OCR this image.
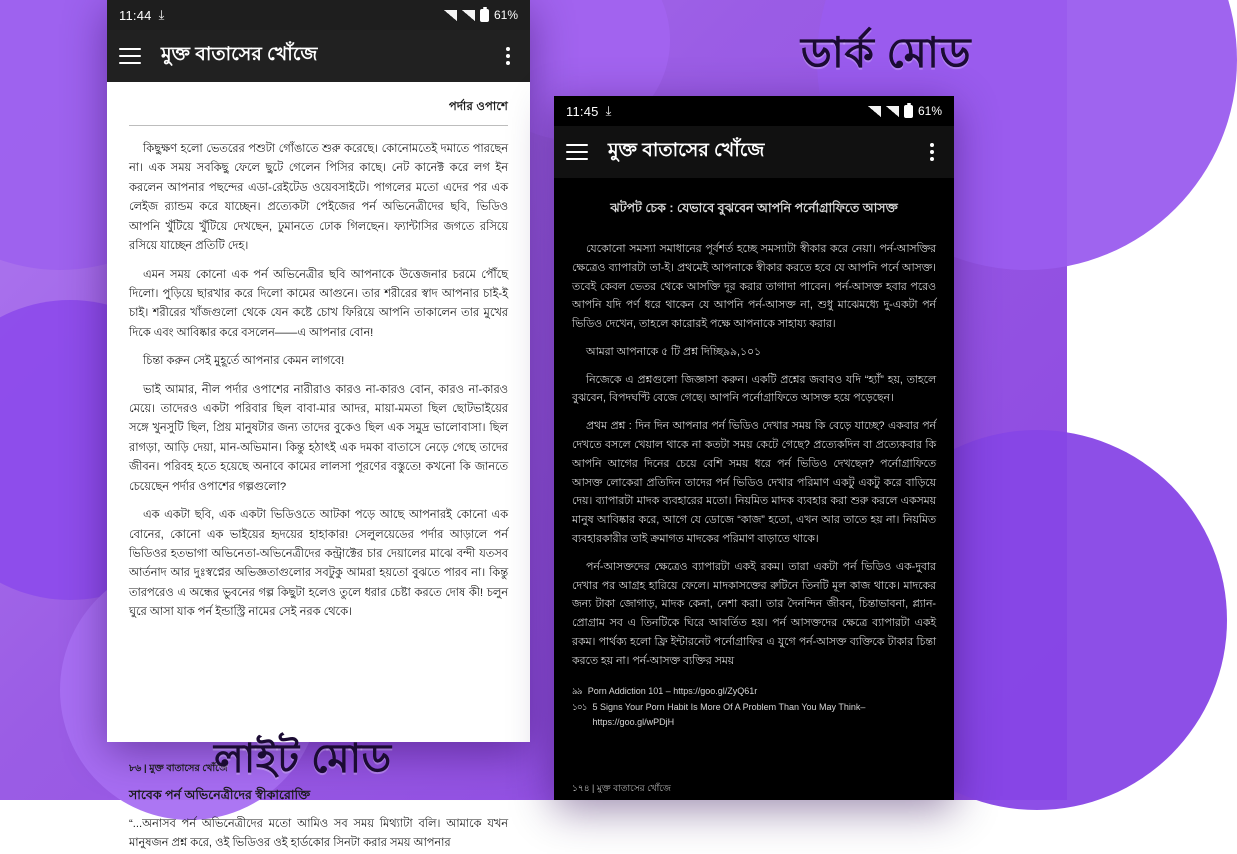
11:44 ⤓	61%
মুক্ত বাতাসের খোঁজে
পর্দার ওপাশে

কিছুক্ষণ হলো ভেতরের পশুটা গোঁঙাতে শুরু করেছে। কোনোমতেই দমাতে পারছেন না। এক সময় সবকিছু ফেলে ছুটে গেলেন পিসির কাছে। নেট কানেক্ট করে লগ ইন করলেন আপনার পছন্দের এডা-রেইটেড ওয়েবসাইটে। পাগলের মতো এদের পর এক লেইজ র‍্যান্ডম করে যাচ্ছেন। প্রত্যেকটা পেইজের পর্ন অভিনেত্রীদের ছবি, ভিডিও আপনি খুঁটিয়ে খুঁটিয়ে দেখছেন, ঢুমানতে ঢোক গিলছেন। ফ্যান্টাসির জগতে রসিয়ে রসিয়ে যাচ্ছেন প্রতিটি দেহ।

এমন সময় কোনো এক পর্ন অভিনেত্রীর ছবি আপনাকে উত্তেজনার চরমে পৌঁছে দিলো। পুড়িয়ে ছারখার করে দিলো কামের আগুনে। তার শরীরের স্বাদ আপনার চাই-ই চাই। শরীরের খাঁজগুলো থেকে যেন কষ্টে চোখ ফিরিয়ে আপনি তাকালেন তার মুখের দিকে এবং আবিষ্কার করে বসলেন——এ আপনার বোন!

চিন্তা করুন সেই মুহূর্তে আপনার কেমন লাগবে!

ভাই আমার, নীল পর্দার ওপাশের নারীরাও কারও না-কারও বোন, কারও না-কারও মেয়ে। তাদেরও একটা পরিবার ছিল বাবা-মার আদর, মায়া-মমতা ছিল ছোটভাইয়ের সঙ্গে খুনসুটি ছিল, প্রিয় মানুষটার জন্য তাদের বুকেও ছিল এক সমুদ্র ভালোবাসা। ছিল রাগড়া, আড়ি দেয়া, মান-অভিমান। কিন্তু হঠাৎই এক দমকা বাতাসে নেড়ে গেছে তাদের জীবন। পরিবহ হতে হয়েছে অনাবে কামের লালসা পূরণের বস্তুতে! কখনো কি জানতে চেয়েছেন পর্দার ওপাশের গল্পগুলো?

এক একটা ছবি, এক একটা ভিডিওতে আটকা পড়ে আছে আপনারই কোনো এক বোনের, কোনো এক ভাইয়ের হৃদয়ের হাহাকার! সেলুলয়েডের পর্দার আড়ালে পর্ন ভিডিওর হতভাগা অভিনেতা-অভিনেত্রীদের কন্ট্রাক্টের চার দেয়ালের মাঝে বন্দী যতসব আর্তনাদ আর দুঃস্বপ্নের অভিজ্ঞতাগুলোর সবটুকু আমরা হয়তো বুঝতে পারব না। কিন্তু তারপরেও এ অন্ধের ভুবনের গল্প কিছুটা হলেও তুলে ধরার চেষ্টা করতে দোষ কী! চলুন ঘুরে আসা যাক পর্ন ইন্ডাস্ট্রি নামের সেই নরক থেকে।

৮৬ | মুক্ত বাতাসের খোঁজে
সাবেক পর্ন অভিনেত্রীদের স্বীকারোক্তি

“...অনাসব পর্ন অভিনেত্রীদের মতো আমিও সব সময় মিথ্যাটা বলি। আমাকে যখন মানুষজন প্রশ্ন করে, ওই ভিডিওর ওই হার্ডকোর সিনটা করার সময় আপনার

11:45 ⤓	61%
মুক্ত বাতাসের খোঁজে
ঝটপট চেক : যেভাবে বুঝবেন আপনি পর্নোগ্রাফিতে আসক্ত

যেকোনো সমস্যা সমাধানের পূর্বশর্ত হচ্ছে সমস্যাটা স্বীকার করে নেয়া। পর্ন-আসক্তির ক্ষেত্রেও ব্যাপারটা তা-ই। প্রথমেই আপনাকে স্বীকার করতে হবে যে আপনি পর্নে আসক্ত। তবেই কেবল ভেতর থেকে আসক্তি দূর করার তাগাদা পাবেন। পর্ন-আসক্ত হবার পরেও আপনি যদি পর্ণ ধরে থাকেন যে আপনি পর্ন-আসক্ত না, শুধু মাঝেমধ্যে দু-একটা পর্ন ভিডিও দেখেন, তাহলে কারোরই পক্ষে আপনাকে সাহায্য করার।

আমরা আপনাকে ৫ টি প্রশ্ন দিচ্ছি৯৯,১০১

নিজেকে এ প্রশ্নগুলো জিজ্ঞাসা করুন। একটি প্রশ্নের জবাবও যদি “হ্যাঁ” হয়, তাহলে বুঝবেন, বিপদঘণ্টি বেজে গেছে। আপনি পর্নোগ্রাফিতে আসক্ত হয়ে পড়েছেন।

প্রথম প্রশ্ন : দিন দিন আপনার পর্ন ভিডিও দেখার সময় কি বেড়ে যাচ্ছে? একবার পর্ন দেখতে বসলে খেয়াল থাকে না কতটা সময় কেটে গেছে? প্রত্যেকদিন বা প্রত্যেকবার কি আপনি আগের দিনের চেয়ে বেশি সময় ধরে পর্ন ভিডিও দেখছেন? পর্নোগ্রাফিতে আসক্ত লোকেরা প্রতিদিন তাদের পর্ন ভিডিও দেখার পরিমাণ একটু একটু করে বাড়িয়ে দেয়। ব্যাপারটা মাদক ব্যবহারের মতো। নিয়মিত মাদক ব্যবহার করা শুরু করলে একসময় মানুষ আবিষ্কার করে, আগে যে ডোজে “কাজ” হতো, এখন আর তাতে হয় না। নিয়মিত ব্যবহারকারীর তাই ক্রমাগত মাদকের পরিমাণ বাড়াতে থাকে।

পর্ন-আসক্তদের ক্ষেত্রেও ব্যাপারটা একই রকম। তারা একটা পর্ন ভিডিও এক-দুবার দেখার পর আগ্রহ হারিয়ে ফেলে। মাদকাসক্তের রুটিনে তিনটি মূল কাজ থাকে। মাদকের জন্য টাকা জোগাড়, মাদক কেনা, নেশা করা। তার দৈনন্দিন জীবন, চিন্তাভাবনা, প্ল্যান-প্রোগ্রাম সব এ তিনটিকে ঘিরে আবর্তিত হয়। পর্ন আসক্তদের ক্ষেত্রে ব্যাপারটা একই রকম। পার্থক্য হলো ফ্রি ইন্টারনেট পর্নোগ্রাফির এ যুগে পর্ন-আসক্ত ব্যক্তিকে টাকার চিন্তা করতে হয় না। পর্ন-আসক্ত ব্যক্তির সময়

৯৯ Porn Addiction 101 – https://goo.gl/ZyQ61r
১০১ 5 Signs Your Porn Habit Is More Of A Problem Than You May Think– https://goo.gl/wPDjH
১৭৪ | মুক্ত বাতাসের খোঁজে
ডার্ক মোড
লাইট মোড
